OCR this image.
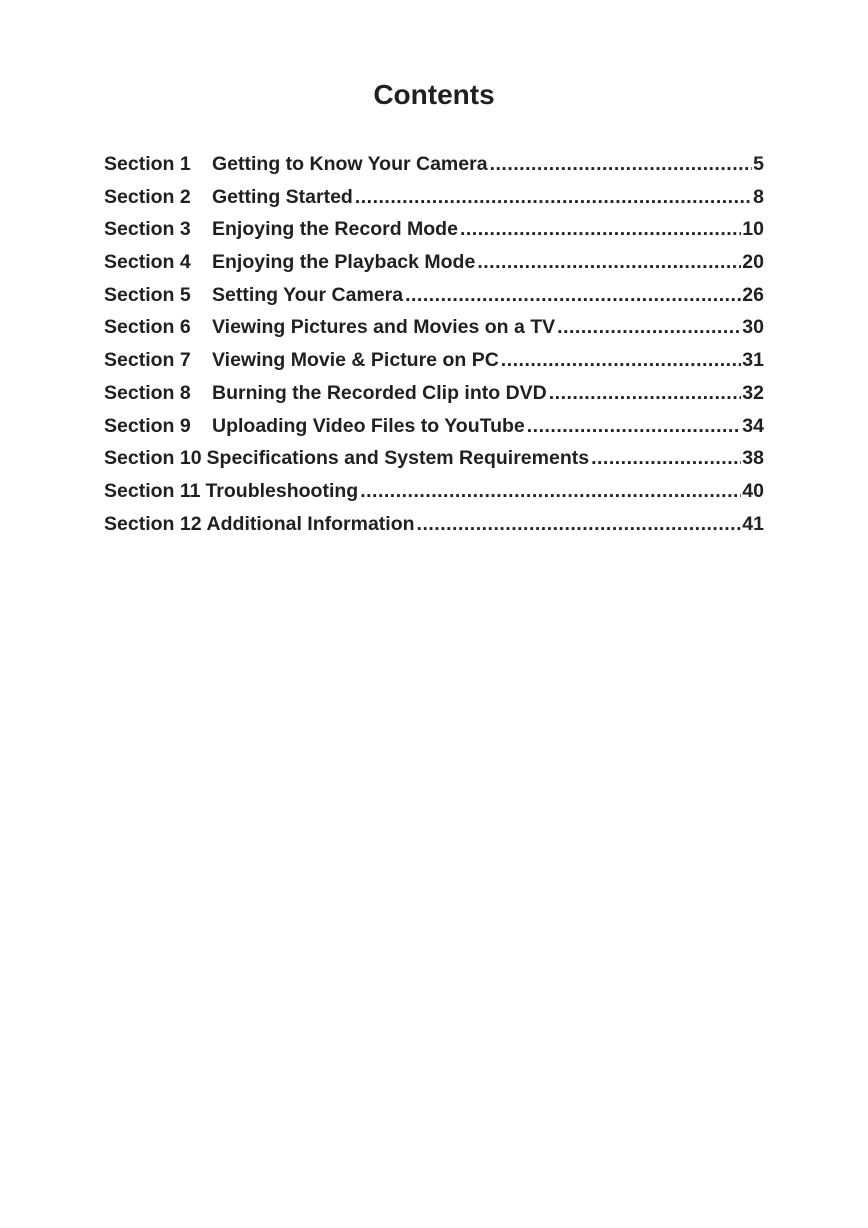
Contents
Section 1	Getting to Know Your Camera .....	5
Section 2	Getting Started .....	8
Section 3	Enjoying the Record Mode .....	10
Section 4	Enjoying the Playback Mode .....	20
Section 5	Setting Your Camera .....	26
Section 6	Viewing Pictures and Movies on a TV .....	30
Section 7	Viewing Movie & Picture on PC .....	31
Section 8	Burning the Recorded Clip into DVD .....	32
Section 9	Uploading Video Files to YouTube .....	34
Section 10 Specifications and System Requirements .....	38
Section 11 Troubleshooting .....	40
Section 12 Additional Information .....	41
